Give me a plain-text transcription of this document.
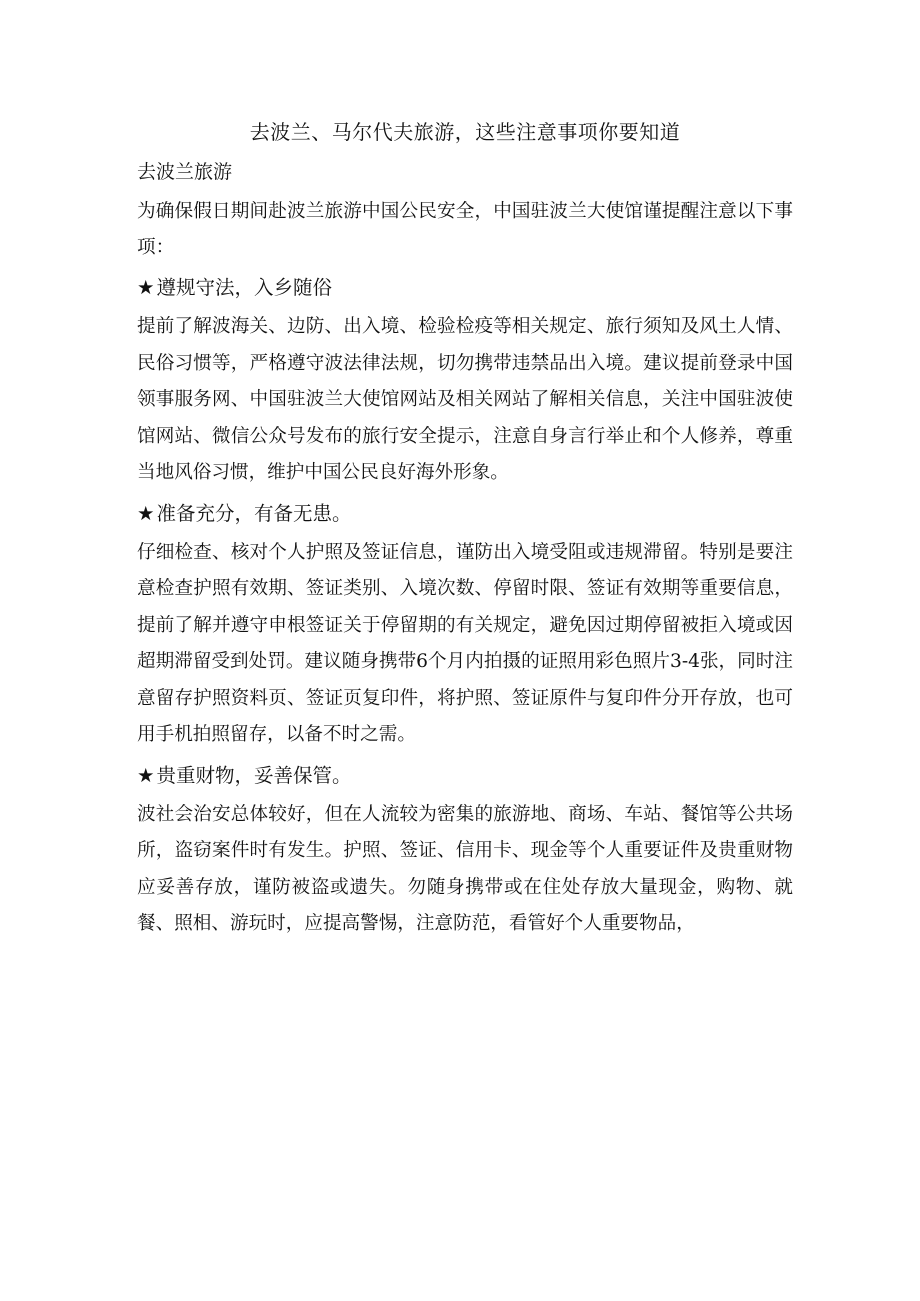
去波兰、马尔代夫旅游，这些注意事项你要知道

去波兰旅游

为确保假日期间赴波兰旅游中国公民安全，中国驻波兰大使馆谨提醒注意以下事项：

★ 遵规守法，入乡随俗

提前了解波海关、边防、出入境、检验检疫等相关规定、旅行须知及风土人情、民俗习惯等，严格遵守波法律法规，切勿携带违禁品出入境。建议提前登录中国领事服务网、中国驻波兰大使馆网站及相关网站了解相关信息，关注中国驻波使馆网站、微信公众号发布的旅行安全提示，注意自身言行举止和个人修养，尊重当地风俗习惯，维护中国公民良好海外形象。

★ 准备充分，有备无患。

仔细检查、核对个人护照及签证信息，谨防出入境受阻或违规滞留。特别是要注意检查护照有效期、签证类别、入境次数、停留时限、签证有效期等重要信息，提前了解并遵守申根签证关于停留期的有关规定，避免因过期停留被拒入境或因超期滞留受到处罚。建议随身携带6个月内拍摄的证照用彩色照片3-4张，同时注意留存护照资料页、签证页复印件，将护照、签证原件与复印件分开存放，也可用手机拍照留存，以备不时之需。

★ 贵重财物，妥善保管。

波社会治安总体较好，但在人流较为密集的旅游地、商场、车站、餐馆等公共场所，盗窃案件时有发生。护照、签证、信用卡、现金等个人重要证件及贵重财物应妥善存放，谨防被盗或遗失。勿随身携带或在住处存放大量现金，购物、就餐、照相、游玩时，应提高警惕，注意防范，看管好个人重要物品，
